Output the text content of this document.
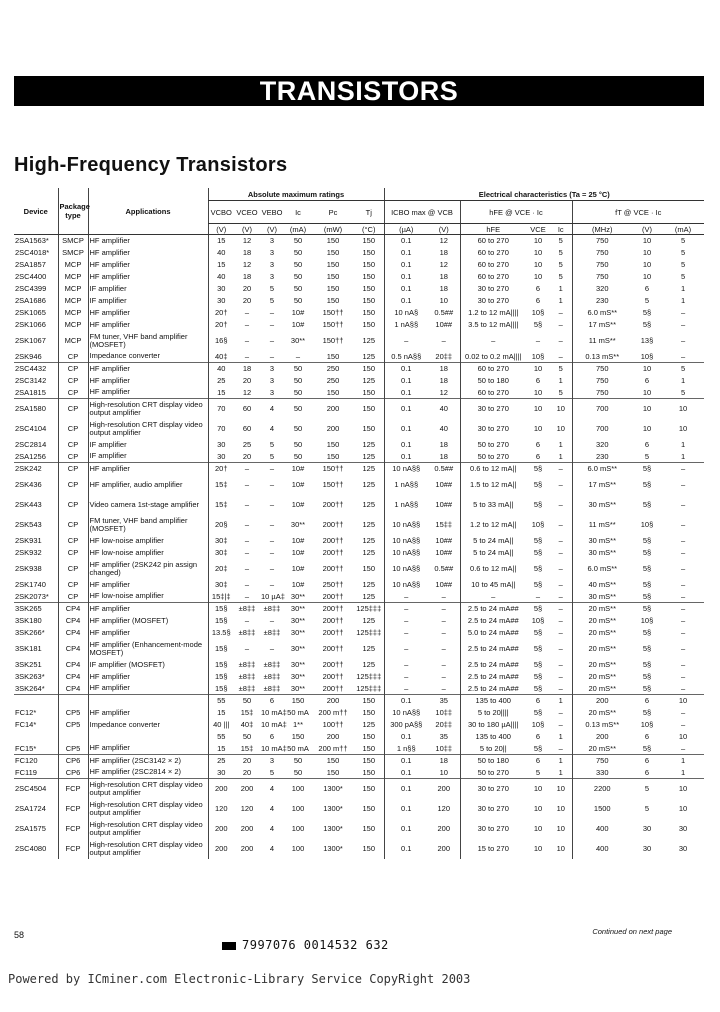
TRANSISTORS
High-Frequency Transistors
Device	Package type	Applications	Absolute maximum ratings						Electrical characteristics (Ta = 25 °C)							
			VCBO	VCEO	VEBO	Ic	Pc	Tj	ICBO max @ VCB		hFE @ VCE · Ic			fT @ VCE · Ic		
			(V)	(V)	(V)	(mA)	(mW)	(°C)	(µA)	(V)	hFE	VCE	Ic	(MHz)	(V)	(mA)
2SA1563*	SMCP	HF amplifier	15	12	3	50	150	150	0.1	12	60 to 270	10	5	750	10	5
2SC4018*	SMCP	HF amplifier	40	18	3	50	150	150	0.1	18	60 to 270	10	5	750	10	5
2SA1857	MCP	HF amplifier	15	12	3	50	150	150	0.1	12	60 to 270	10	5	750	10	5
2SC4400	MCP	HF amplifier	40	18	3	50	150	150	0.1	18	60 to 270	10	5	750	10	5
2SC4399	MCP	IF amplifier	30	20	5	50	150	150	0.1	18	30 to 270	6	1	320	6	1
2SA1686	MCP	IF amplifier	30	20	5	50	150	150	0.1	10	30 to 270	6	1	230	5	1
2SK1065	MCP	HF amplifier	20†	–	–	10#	150††	150	10 nA§	0.5##	1.2 to 12 mA||||	10§	–	6.0 mS**	5§	–
2SK1066	MCP	HF amplifier	20†	–	–	10#	150††	150	1 nA§§	10##	3.5 to 12 mA||||	5§	–	17 mS**	5§	–
2SK1067	MCP	FM tuner, VHF band amplifier (MOSFET)	16§	–	–	30**	150††	125	–	–	–	–	–	11 mS**	13§	–
2SK946	CP	Impedance converter	40‡	–	–	–	150	125	0.5 nA§§	20‡‡	0.02 to 0.2 mA||||	10§	–	0.13 mS**	10§	–
2SC4432	CP	HF amplifier	40	18	3	50	250	150	0.1	18	60 to 270	10	5	750	10	5
2SC3142	CP	HF amplifier	25	20	3	50	250	125	0.1	18	50 to 180	6	1	750	6	1
2SA1815	CP	HF amplifier	15	12	3	50	150	150	0.1	12	60 to 270	10	5	750	10	5
2SA1580	CP	High-resolution CRT display video output amplifier	70	60	4	50	200	150	0.1	40	30 to 270	10	10	700	10	10
2SC4104	CP	High-resolution CRT display video output amplifier	70	60	4	50	200	150	0.1	40	30 to 270	10	10	700	10	10
2SC2814	CP	IF amplifier	30	25	5	50	150	125	0.1	18	50 to 270	6	1	320	6	1
2SA1256	CP	IF amplifier	30	20	5	50	150	125	0.1	18	50 to 270	6	1	230	5	1
2SK242	CP	HF amplifier	20†	–	–	10#	150††	125	10 nA§§	0.5##	0.6 to 12 mA||	5§	–	6.0 mS**	5§	–
2SK436	CP	HF amplifier, audio amplifier	15‡	–	–	10#	150††	125	1 nA§§	10##	1.5 to 12 mA||	5§	–	17 mS**	5§	–
2SK443	CP	Video camera 1st-stage amplifier	15‡	–	–	10#	200††	125	1 nA§§	10##	5 to 33 mA||	5§	–	30 mS**	5§	–
2SK543	CP	FM tuner, VHF band amplifier (MOSFET)	20§	–	–	30**	200††	125	10 nA§§	15‡‡	1.2 to 12 mA||	10§	–	11 mS**	10§	–
2SK931	CP	HF low-noise amplifier	30‡	–	–	10#	200††	125	10 nA§§	10##	5 to 24 mA||	5§	–	30 mS**	5§	–
2SK932	CP	HF low-noise amplifier	30‡	–	–	10#	200††	125	10 nA§§	10##	5 to 24 mA||	5§	–	30 mS**	5§	–
2SK938	CP	HF amplifier (2SK242 pin assign changed)	20‡	–	–	10#	200††	150	10 nA§§	0.5##	0.6 to 12 mA||	5§	–	6.0 mS**	5§	–
2SK1740	CP	HF amplifier	30‡	–	–	10#	250††	125	10 nA§§	10##	10 to 45 mA||	5§	–	40 mS**	5§	–
2SK2073*	CP	HF low-noise amplifier	15‡|‡	–	10 µA‡	30**	200††	125	–	–	–	–	–	30 mS**	5§	–
3SK265	CP4	HF amplifier	15§	±8‡‡	±8‡‡	30**	200††	125‡‡‡	–	–	2.5 to 24 mA##	5§	–	20 mS**	5§	–
3SK180	CP4	HF amplifier (MOSFET)	15§	–	–	30**	200††	125	–	–	2.5 to 24 mA##	10§	–	20 mS**	10§	–
3SK266*	CP4	HF amplifier	13.5§	±8‡‡	±8‡‡	30**	200††	125‡‡‡	–	–	5.0 to 24 mA##	5§	–	20 mS**	5§	–
3SK181	CP4	HF amplifier (Enhancement-mode MOSFET)	15§	–	–	30**	200††	125	–	–	2.5 to 24 mA##	5§	–	20 mS**	5§	–
3SK251	CP4	IF amplifier (MOSFET)	15§	±8‡‡	±8‡‡	30**	200††	125	–	–	2.5 to 24 mA##	5§	–	20 mS**	5§	–
3SK263*	CP4	HF amplifier	15§	±8‡‡	±8‡‡	30**	200††	125‡‡‡	–	–	2.5 to 24 mA##	5§	–	20 mS**	5§	–
3SK264*	CP4	HF amplifier	15§	±8‡‡	±8‡‡	30**	200††	125‡‡‡	–	–	2.5 to 24 mA##	5§	–	20 mS**	5§	–
			55	50	6	150	200	150	0.1	35	135 to 400	6	1	200	6	10
FC12*	CP5	HF amplifier	15	15‡	10 mA‡	50 mA	200 m††	150	10 nA§§	10‡‡	5 to 20||||	5§	–	20 mS**	5§	–
FC14*	CP5	Impedance converter	40 |||	40‡	10 mA‡	1**	100††	125	300 pA§§	20‡‡	30 to 180 µA||||	10§	–	0.13 mS**	10§	–
			55	50	6	150	200	150	0.1	35	135 to 400	6	1	200	6	10
FC15*	CP5	HF amplifier	15	15‡	10 mA‡	50 mA	200 m††	150	1 n§§	10‡‡	5 to 20||	5§	–	20 mS**	5§	–
FC120	CP6	HF amplifier (2SC3142 × 2)	25	20	3	50	150	150	0.1	18	50 to 180	6	1	750	6	1
FC119	CP6	HF amplifier (2SC2814 × 2)	30	20	5	50	150	150	0.1	10	50 to 270	5	1	330	6	1
2SC4504	FCP	High-resolution CRT display video output amplifier	200	200	4	100	1300*	150	0.1	200	30 to 270	10	10	2200	5	10
2SA1724	FCP	High-resolution CRT display video output amplifier	120	120	4	100	1300*	150	0.1	120	30 to 270	10	10	1500	5	10
2SA1575	FCP	High-resolution CRT display video output amplifier	200	200	4	100	1300*	150	0.1	200	30 to 270	10	10	400	30	30
2SC4080	FCP	High-resolution CRT display video output amplifier	200	200	4	100	1300*	150	0.1	200	15 to 270	10	10	400	30	30
58	Continued on next page
7997076 0014532 632
Powered by ICminer.com Electronic-Library Service CopyRight 2003
